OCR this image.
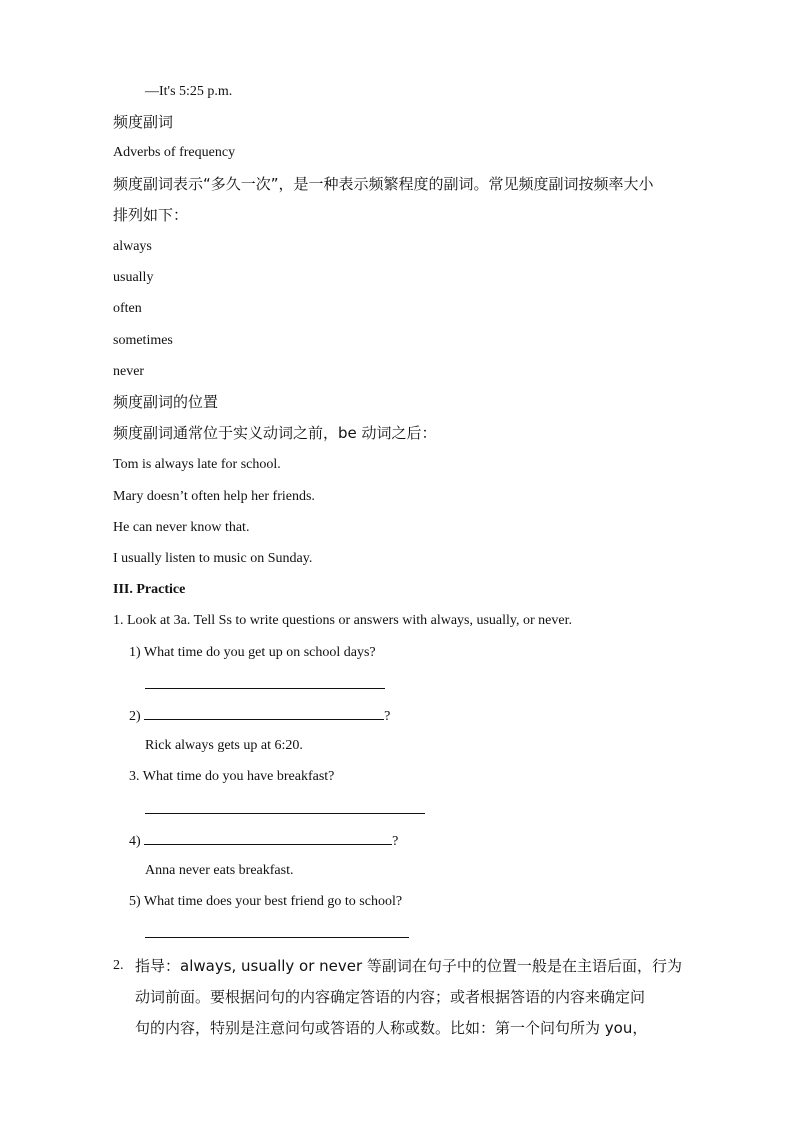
—It's 5:25 p.m.
频度副词
Adverbs of frequency
频度副词表示“多久一次”，是一种表示频繁程度的副词。常见频度副词按频率大小
排列如下：
always
usually
often
sometimes
never
频度副词的位置
频度副词通常位于实义动词之前，be 动词之后：
Tom is always late for school.
Mary doesn’t often help her friends.
He can never know that.
I usually listen to music on Sunday.
III. Practice
1. Look at 3a. Tell Ss to write questions or answers with always, usually, or never.
1) What time do you get up on school days?
2)	?
Rick always gets up at 6:20.
3. What time do you have breakfast?
4)	?
Anna never eats breakfast.
5) What time does your best friend go to school?
2. 指导：always, usually or never 等副词在句子中的位置一般是在主语后面，行为
动词前面。要根据问句的内容确定答语的内容；或者根据答语的内容来确定问
句的内容，特别是注意问句或答语的人称或数。比如：第一个问句所为 you，
